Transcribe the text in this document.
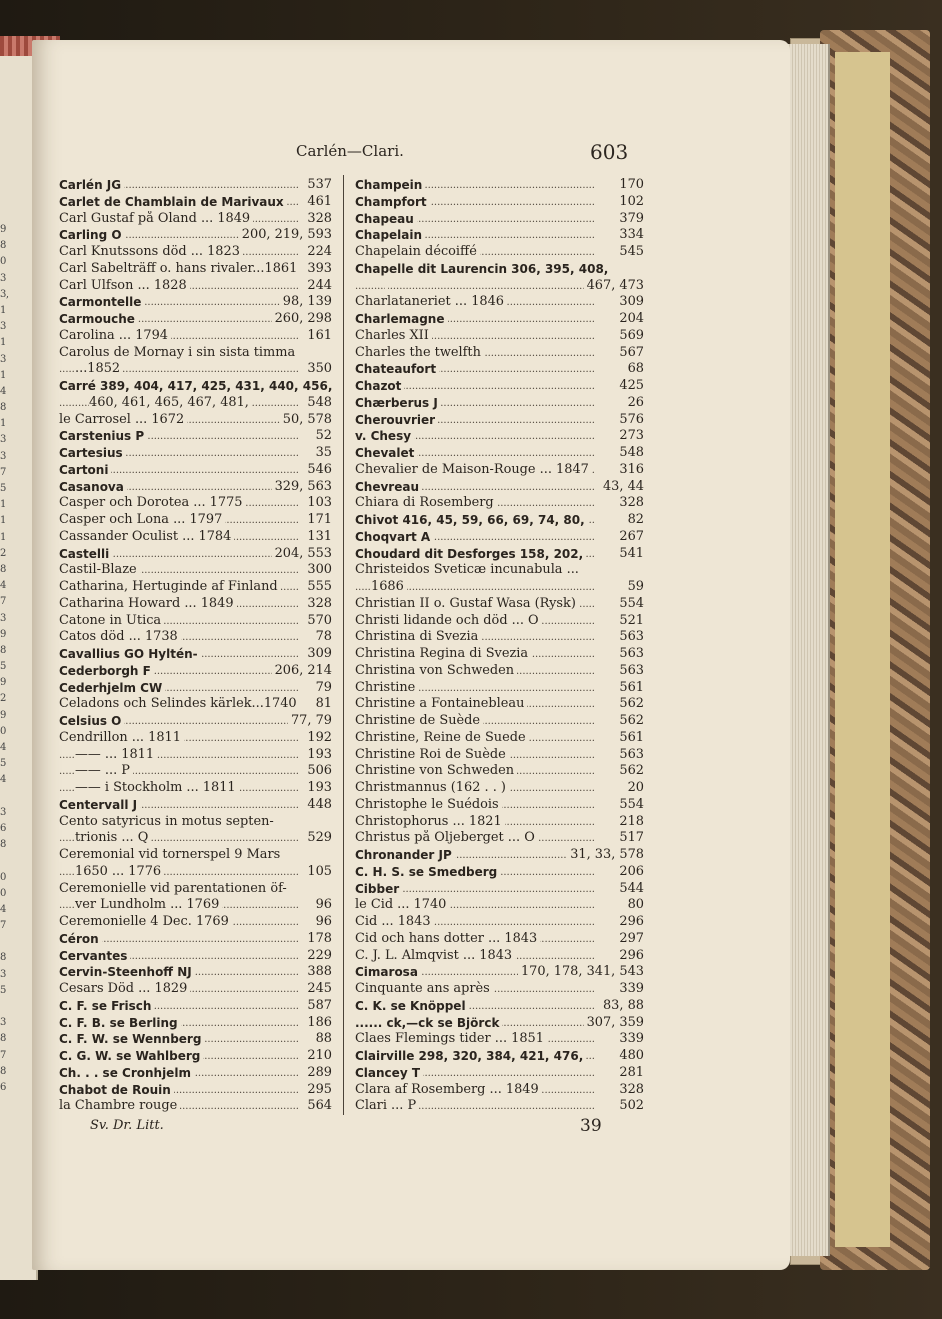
9
8
0
3
3,
1
3
1
3
1
4
8
1
3
3
7
5
1
1
1
2
8
4
7
3
9
8
5
9
2
9
0
4
5
4
3
6
8
0
0
4
7
8
3
5
3
8
7
8
6
Carlén—Clari.	603
. . .
Carlén JG	537
. . .
Carlet de Chamblain de Marivaux 461
. . .
Carl Gustaf på Öland ... 1849	328
. . .
Carling O	200, 219, 593
. . .
Carl Knutssons död ... 1823	224
. . .
Carl Sabelträff o. hans rivaler...1861 393
. . .
Carl Ulfson ... 1828	244
. . .
Carmontelle	98, 139
. . .
Carmouche	260, 298
. . .
Carolina ... 1794	161
Carolus de Mornay i sin sista timma
. . .
...1852	350
Carré 389, 404, 417, 425, 431, 440, 456,
. . .
460, 461, 465, 467, 481,	548
. . .
le Carrosel ... 1672	50, 578
. . .
Carstenius P	52
. . .
Cartesius	35
. . .
Cartoni	546
. . .
Casanova	329, 563
. . .
Casper och Dorotea ... 1775	103
. . .
Casper och Lona ... 1797	171
. . .
Cassander Oculist ... 1784	131
. . .
Castelli	204, 553
. . .
Castil-Blaze	300
. . .
Catharina, Hertuginde af Finland 555
. . .
Catharina Howard ... 1849	328
. . .
Catone in Utica	570
. . .
Catos död ... 1738	78
. . .
Cavallius GO Hyltén-	309
. . .
Cederborgh F	206, 214
. . .
Cederhjelm CW	79
. . .
Celadons och Selindes kärlek...1740 81
. . .
Celsius O	77, 79
. . .
Cendrillon ... 1811	192
. . .
—— ... 1811	193
. . .
—— ... P	506
. . .
—— i Stockholm ... 1811	193
. . .
Centervall J	448
Cento satyricus in motus septen-
. . .
trionis ... Q	529
Ceremonial vid tornerspel 9 Mars
. . .
1650 ... 1776	105
Ceremonielle vid parentationen öf-
. . .
ver Lundholm ... 1769	96
. . .
Ceremonielle 4 Dec. 1769	96
. . .
Céron	178
. . .
Cervantes	229
. . .
Cervin-Steenhoff NJ	388
. . .
Cesars Död ... 1829	245
. . .
C. F. se Frisch	587
. . .
C. F. B. se Berling	186
. . .
C. F. W. se Wennberg	88
. . .
C. G. W. se Wahlberg	210
. . .
Ch. . . se Cronhjelm	289
. . .
Chabot de Rouin	295
. . .
la Chambre rouge	564
. . .
Champein	170
. . .
Champfort	102
. . .
Chapeau	379
. . .
Chapelain	334
. . .
Chapelain décoiffé	545
Chapelle dit Laurencin 306, 395, 408,
. . .
467, 473
. . .
Charlataneriet ... 1846	309
. . .
Charlemagne	204
. . .
Charles XII	569
. . .
Charles the twelfth	567
. . .
Chateaufort	68
. . .
Chazot	425
. . .
Chærberus J	26
. . .
Cherouvrier	576
. . .
v. Chesy	273
. . .
Chevalet	548
. . .
Chevalier de Maison-Rouge ... 1847 316
. . .
Chevreau	43, 44
. . .
Chiara di Rosemberg	328
. . .
Chivot 416, 45, 59, 66, 69, 74, 80,	82
. . .
Choqvart A	267
. . .
Choudard dit Desforges 158, 202,	541
Christeidos Sveticæ incunabula ...
. . .
1686	59
. . .
Christian II o. Gustaf Wasa (Rysk)	554
. . .
Christi lidande och död ... O	521
. . .
Christina di Svezia	563
. . .
Christina Regina di Svezia	563
. . .
Christina von Schweden	563
. . .
Christine	561
. . .
Christine a Fontainebleau	562
. . .
Christine de Suède	562
. . .
Christine, Reine de Suede	561
. . .
Christine Roi de Suède	563
. . .
Christine von Schweden	562
. . .
Christmannus (162 . . )	20
. . .
Christophe le Suédois	554
. . .
Christophorus ... 1821	218
. . .
Christus på Oljeberget ... O	517
. . .
Chronander JP	31, 33, 578
. . .
C. H. S. se Smedberg	206
. . .
Cibber	544
. . .
le Cid ... 1740	80
. . .
Cid ... 1843	296
. . .
Cid och hans dotter ... 1843	297
. . .
C. J. L. Almqvist ... 1843	296
. . .
Cimarosa	170, 178, 341, 543
. . .
Cinquante ans après	339
. . .
C. K. se Knöppel	83, 88
. . .
...... ck,—ck se Björck	307, 359
. . .
Claes Flemings tider ... 1851	339
. . .
Clairville 298, 320, 384, 421, 476,	480
. . .
Clancey T	281
. . .
Clara af Rosemberg ... 1849	328
. . .
Clari ... P	502
Sv. Dr. Litt.	39
